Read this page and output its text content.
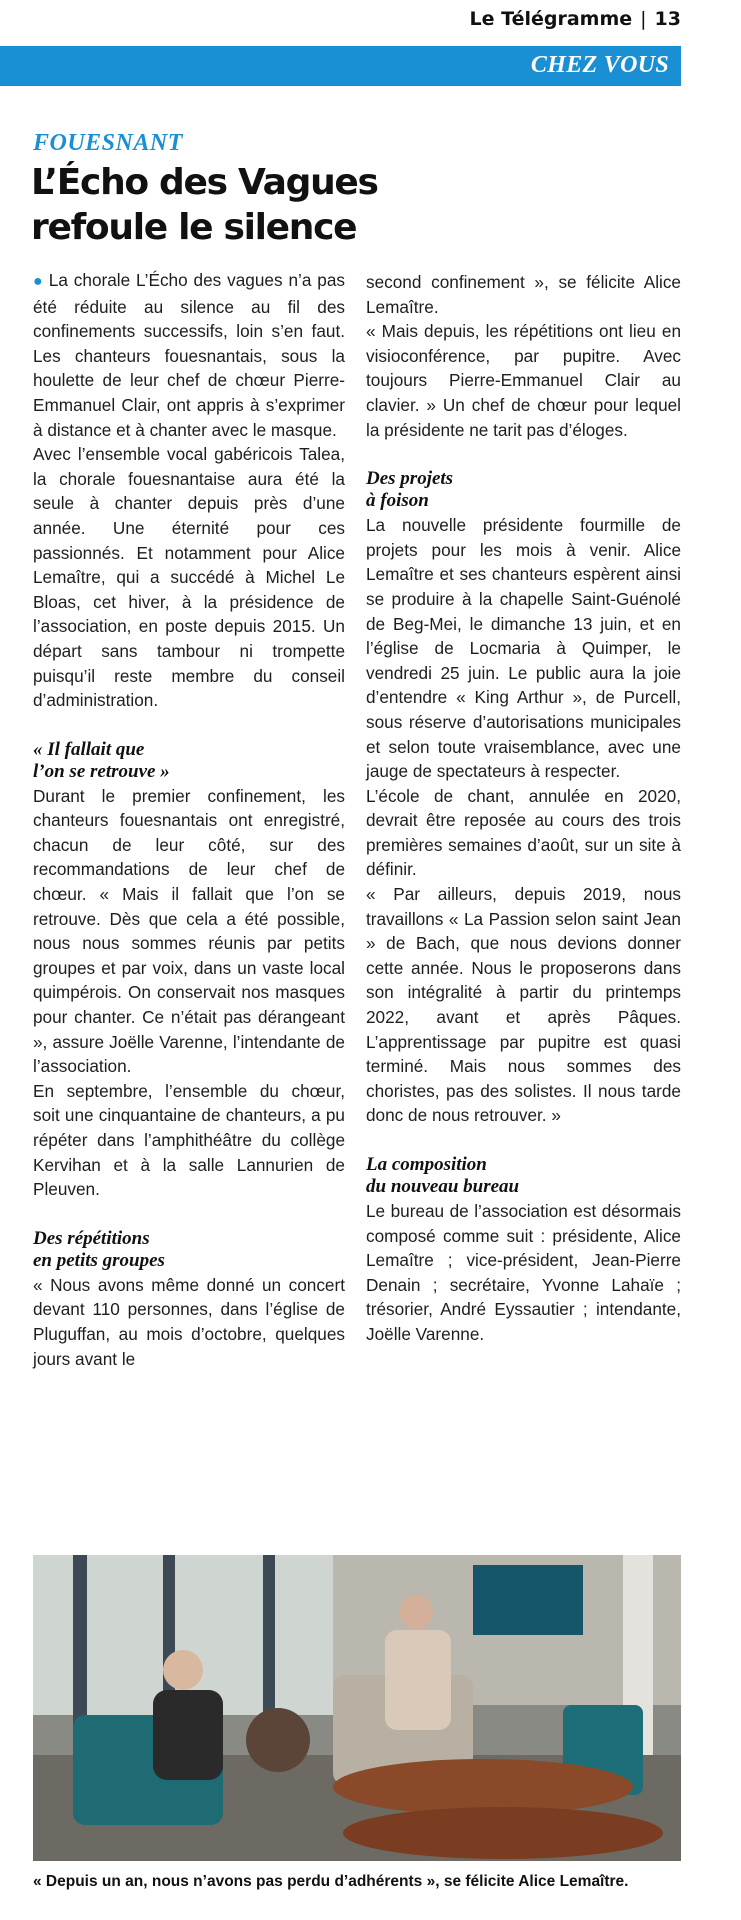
Le Télégramme | 13
CHEZ VOUS
FOUESNANT
L’Écho des Vagues
refoule le silence

● La chorale L’Écho des vagues n’a pas été réduite au silence au fil des confinements successifs, loin s’en faut. Les chanteurs fouesnantais, sous la houlette de leur chef de chœur Pierre-Emmanuel Clair, ont appris à s’exprimer à distance et à chanter avec le masque.

Avec l’ensemble vocal gabéricois Talea, la chorale fouesnantaise aura été la seule à chanter depuis près d’une année. Une éternité pour ces passionnés. Et notamment pour Alice Lemaître, qui a succédé à Michel Le Bloas, cet hiver, à la présidence de l’association, en poste depuis 2015. Un départ sans tambour ni trompette puisqu’il reste membre du conseil d’administration.

« Il fallait que
l’on se retrouve »

Durant le premier confinement, les chanteurs fouesnantais ont enregistré, chacun de leur côté, sur des recommandations de leur chef de chœur. « Mais il fallait que l’on se retrouve. Dès que cela a été possible, nous nous sommes réunis par petits groupes et par voix, dans un vaste local quimpérois. On conservait nos masques pour chanter. Ce n’était pas dérangeant », assure Joëlle Varenne, l’intendante de l’association.

En septembre, l’ensemble du chœur, soit une cinquantaine de chanteurs, a pu répéter dans l’amphithéâtre du collège Kervihan et à la salle Lannurien de Pleuven.

Des répétitions
en petits groupes

« Nous avons même donné un concert devant 110 personnes, dans l’église de Pluguffan, au mois d’octobre, quelques jours avant le

second confinement », se félicite Alice Lemaître.

« Mais depuis, les répétitions ont lieu en visioconférence, par pupitre. Avec toujours Pierre-Emmanuel Clair au clavier. » Un chef de chœur pour lequel la présidente ne tarit pas d’éloges.

Des projets
à foison

La nouvelle présidente fourmille de projets pour les mois à venir. Alice Lemaître et ses chanteurs espèrent ainsi se produire à la chapelle Saint-Guénolé de Beg-Mei, le dimanche 13 juin, et en l’église de Locmaria à Quimper, le vendredi 25 juin. Le public aura la joie d’entendre « King Arthur », de Purcell, sous réserve d’autorisations municipales et selon toute vraisemblance, avec une jauge de spectateurs à respecter.

L’école de chant, annulée en 2020, devrait être reposée au cours des trois premières semaines d’août, sur un site à définir.

« Par ailleurs, depuis 2019, nous travaillons « La Passion selon saint Jean » de Bach, que nous devions donner cette année. Nous le proposerons dans son intégralité à partir du printemps 2022, avant et après Pâques. L’apprentissage par pupitre est quasi terminé. Mais nous sommes des choristes, pas des solistes. Il nous tarde donc de nous retrouver. »

La composition
du nouveau bureau

Le bureau de l’association est désormais composé comme suit : présidente, Alice Lemaître ; vice-président, Jean-Pierre Denain ; secrétaire, Yvonne Lahaïe ; trésorier, André Eyssautier ; intendante, Joëlle Varenne.

« Depuis un an, nous n’avons pas perdu d’adhérents », se félicite Alice Lemaître.
